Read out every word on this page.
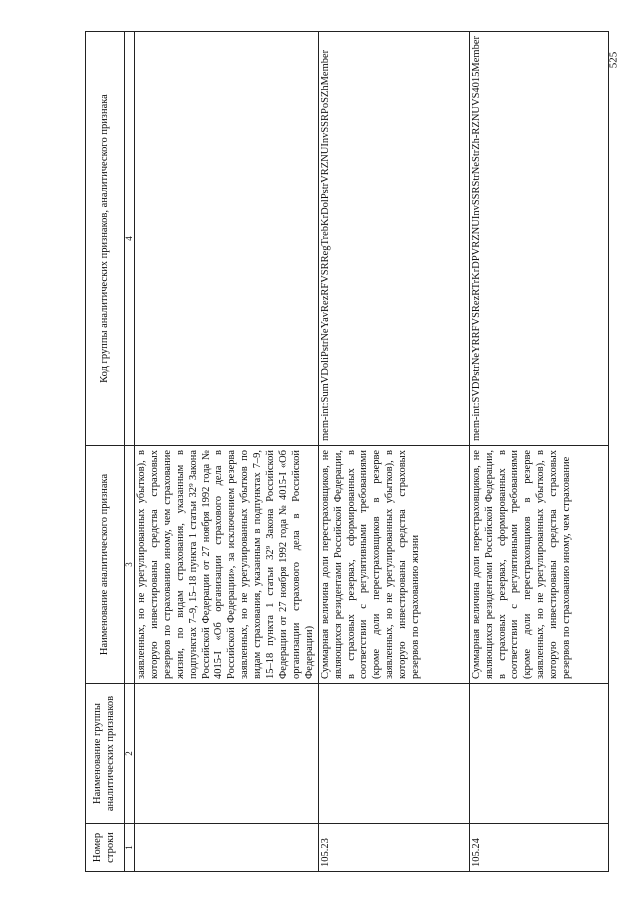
525
Номер строки	Наименование группы аналитических признаков	Наименование аналитического признака	Код группы аналитических признаков, аналитического признака
1	2	3	4
		заявленных, но не урегулированных убытков), в которую инвестированы средства страховых резервов по страхованию иному, чем страхование жизни, по видам страхования, указанным в подпунктах 7–9, 15–18 пункта 1 статьи 32⁹ Закона Российской Федерации от 27 ноября 1992 года № 4015-I «Об организации страхового дела в Российской Федерации», за исключением резерва заявленных, но не урегулированных убытков по видам страхования, указанным в подпунктах 7–9, 15–18 пункта 1 статьи 32⁹ Закона Российской Федерации от 27 ноября 1992 года № 4015-I «Об организации страхового дела в Российской Федерации)	
105.23		Суммарная величина доли перестраховщиков, не являющихся резидентами Российской Федерации, в страховых резервах, сформированных в соответствии с регулятивными требованиями (кроме доли перестраховщиков в резерве заявленных, но не урегулированных убытков), в которую инвестированы средства страховых резервов по страхованию жизни	mem-int:SumVDoliPstrNeYavRezRFVSRRegTrebKrDolPstrVRZNUInvSSRPoSZhMember
105.24		Суммарная величина доли перестраховщиков, не являющихся резидентами Российской Федерации, в страховых резервах, сформированных в соответствии с регулятивными требованиями (кроме доли перестраховщиков в резерве заявленных, но не урегулированных убытков), в которую инвестированы средства страховых резервов по страхованию иному, чем страхование	mem-int:SVDPstrNeYRRFVSRezRTrKrDPVRZNUInvSSRStrNeStrZh-RZNUVS4015Member
